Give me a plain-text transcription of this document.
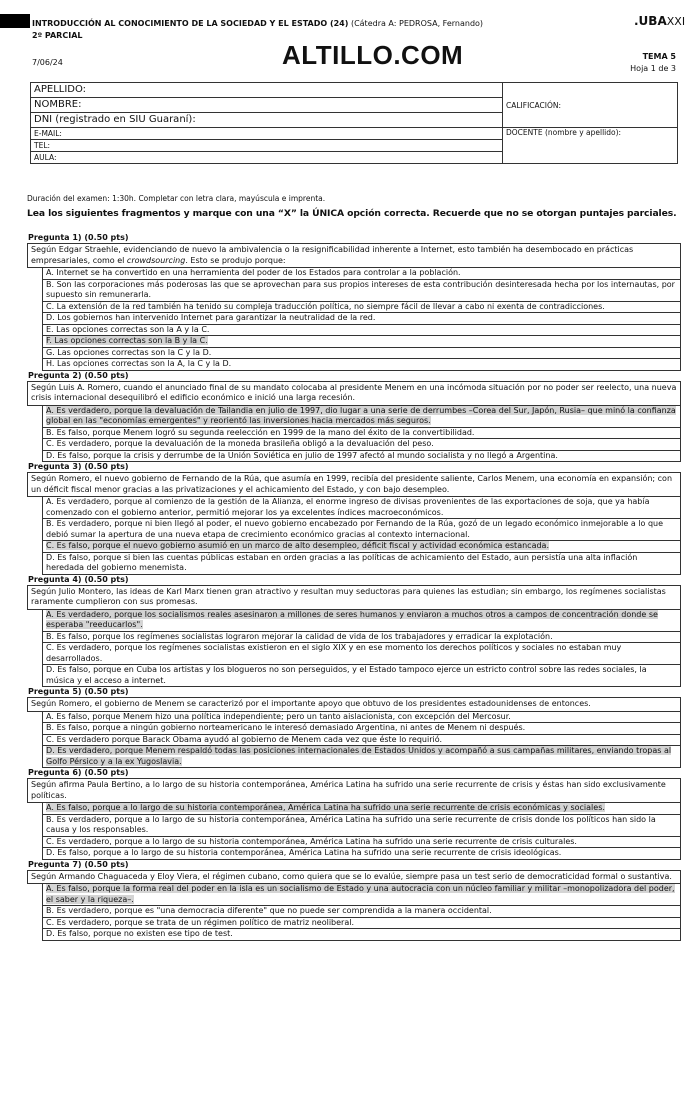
INTRODUCCIÓN AL CONOCIMIENTO DE LA SOCIEDAD Y EL ESTADO (24) (Cátedra A: PEDROSA, Fernando)
2º PARCIAL
.UBAXXI
7/06/24	ALTILLO.COM	TEMA 5
Hoja 1 de 3
APELLIDO:	CALIFICACIÓN:
NOMBRE:	
DNI (registrado en SIU Guaraní):	
E-MAIL:	DOCENTE (nombre y apellido):
TEL:	
AULA:	
Duración del examen: 1:30h. Completar con letra clara, mayúscula e imprenta.
Lea los siguientes fragmentos y marque con una “X” la ÚNICA opción correcta. Recuerde que no se otorgan puntajes parciales.
Pregunta 1) (0.50 pts)
Según Edgar Straehle, evidenciando de nuevo la ambivalencia o la resignificabilidad inherente a Internet, esto también ha desembocado en prácticas empresariales, como el crowdsourcing. Esto se produjo porque:
A. Internet se ha convertido en una herramienta del poder de los Estados para controlar a la población.
B. Son las corporaciones más poderosas las que se aprovechan para sus propios intereses de esta contribución desinteresada hecha por los internautas, por supuesto sin remunerarla.
C. La extensión de la red también ha tenido su compleja traducción política, no siempre fácil de llevar a cabo ni exenta de contradicciones.
D. Los gobiernos han intervenido Internet para garantizar la neutralidad de la red.
E. Las opciones correctas son la A y la C.
F. Las opciones correctas son la B y la C.
G. Las opciones correctas son la C y la D.
H. Las opciones correctas son la A, la C y la D.
Pregunta 2) (0.50 pts)
Según Luis A. Romero, cuando el anunciado final de su mandato colocaba al presidente Menem en una incómoda situación por no poder ser reelecto, una nueva crisis internacional desequilibró el edificio económico e inició una larga recesión.
A. Es verdadero, porque la devaluación de Tailandia en julio de 1997, dio lugar a una serie de derrumbes –Corea del Sur, Japón, Rusia– que minó la confianza global en las "economías emergentes" y reorientó las inversiones hacia mercados más seguros.
B. Es falso, porque Menem logró su segunda reelección en 1999 de la mano del éxito de la convertibilidad.
C. Es verdadero, porque la devaluación de la moneda brasileña obligó a la devaluación del peso.
D. Es falso, porque la crisis y derrumbe de la Unión Soviética en julio de 1997 afectó al mundo socialista y no llegó a Argentina.
Pregunta 3) (0.50 pts)
Según Romero, el nuevo gobierno de Fernando de la Rúa, que asumía en 1999, recibía del presidente saliente, Carlos Menem, una economía en expansión; con un déficit fiscal menor gracias a las privatizaciones y el achicamiento del Estado, y con bajo desempleo.
A. Es verdadero, porque al comienzo de la gestión de la Alianza, el enorme ingreso de divisas provenientes de las exportaciones de soja, que ya había comenzado con el gobierno anterior, permitió mejorar los ya excelentes índices macroeconómicos.
B. Es verdadero, porque ni bien llegó al poder, el nuevo gobierno encabezado por Fernando de la Rúa, gozó de un legado económico inmejorable a lo que debió sumar la apertura de una nueva etapa de crecimiento económico gracias al contexto internacional.
C. Es falso, porque el nuevo gobierno asumió en un marco de alto desempleo, déficit fiscal y actividad económica estancada.
D. Es falso, porque si bien las cuentas públicas estaban en orden gracias a las políticas de achicamiento del Estado, aun persistía una alta inflación heredada del gobierno menemista.
Pregunta 4) (0.50 pts)
Según Julio Montero, las ideas de Karl Marx tienen gran atractivo y resultan muy seductoras para quienes las estudian; sin embargo, los regímenes socialistas raramente cumplieron con sus promesas.
A. Es verdadero, porque los socialismos reales asesinaron a millones de seres humanos y enviaron a muchos otros a campos de concentración donde se esperaba "reeducarlos".
B. Es falso, porque los regímenes socialistas lograron mejorar la calidad de vida de los trabajadores y erradicar la explotación.
C. Es verdadero, porque los regímenes socialistas existieron en el siglo XIX y en ese momento los derechos políticos y sociales no estaban muy desarrollados.
D. Es falso, porque en Cuba los artistas y los blogueros no son perseguidos, y el Estado tampoco ejerce un estricto control sobre las redes sociales, la música y el acceso a internet.
Pregunta 5) (0.50 pts)
Según Romero, el gobierno de Menem se caracterizó por el importante apoyo que obtuvo de los presidentes estadounidenses de entonces.
A. Es falso, porque Menem hizo una política independiente; pero un tanto aislacionista, con excepción del Mercosur.
B. Es falso, porque a ningún gobierno norteamericano le interesó demasiado Argentina, ni antes de Menem ni después.
C. Es verdadero porque Barack Obama ayudó al gobierno de Menem cada vez que éste lo requirió.
D. Es verdadero, porque Menem respaldó todas las posiciones internacionales de Estados Unidos y acompañó a sus campañas militares, enviando tropas al Golfo Pérsico y a la ex Yugoslavia.
Pregunta 6) (0.50 pts)
Según afirma Paula Bertino, a lo largo de su historia contemporánea, América Latina ha sufrido una serie recurrente de crisis y éstas han sido exclusivamente políticas.
A. Es falso, porque a lo largo de su historia contemporánea, América Latina ha sufrido una serie recurrente de crisis económicas y sociales.
B. Es verdadero, porque a lo largo de su historia contemporánea, América Latina ha sufrido una serie recurrente de crisis donde los políticos han sido la causa y los responsables.
C. Es verdadero, porque a lo largo de su historia contemporánea, América Latina ha sufrido una serie recurrente de crisis culturales.
D. Es falso, porque a lo largo de su historia contemporánea, América Latina ha sufrido una serie recurrente de crisis ideológicas.
Pregunta 7) (0.50 pts)
Según Armando Chaguaceda y Eloy Viera, el régimen cubano, como quiera que se lo evalúe, siempre pasa un test serio de democraticidad formal o sustantiva.
A. Es falso, porque la forma real del poder en la isla es un socialismo de Estado y una autocracia con un núcleo familiar y militar –monopolizadora del poder, el saber y la riqueza–.
B. Es verdadero, porque es "una democracia diferente" que no puede ser comprendida a la manera occidental.
C. Es verdadero, porque se trata de un régimen político de matriz neoliberal.
D. Es falso, porque no existen ese tipo de test.
